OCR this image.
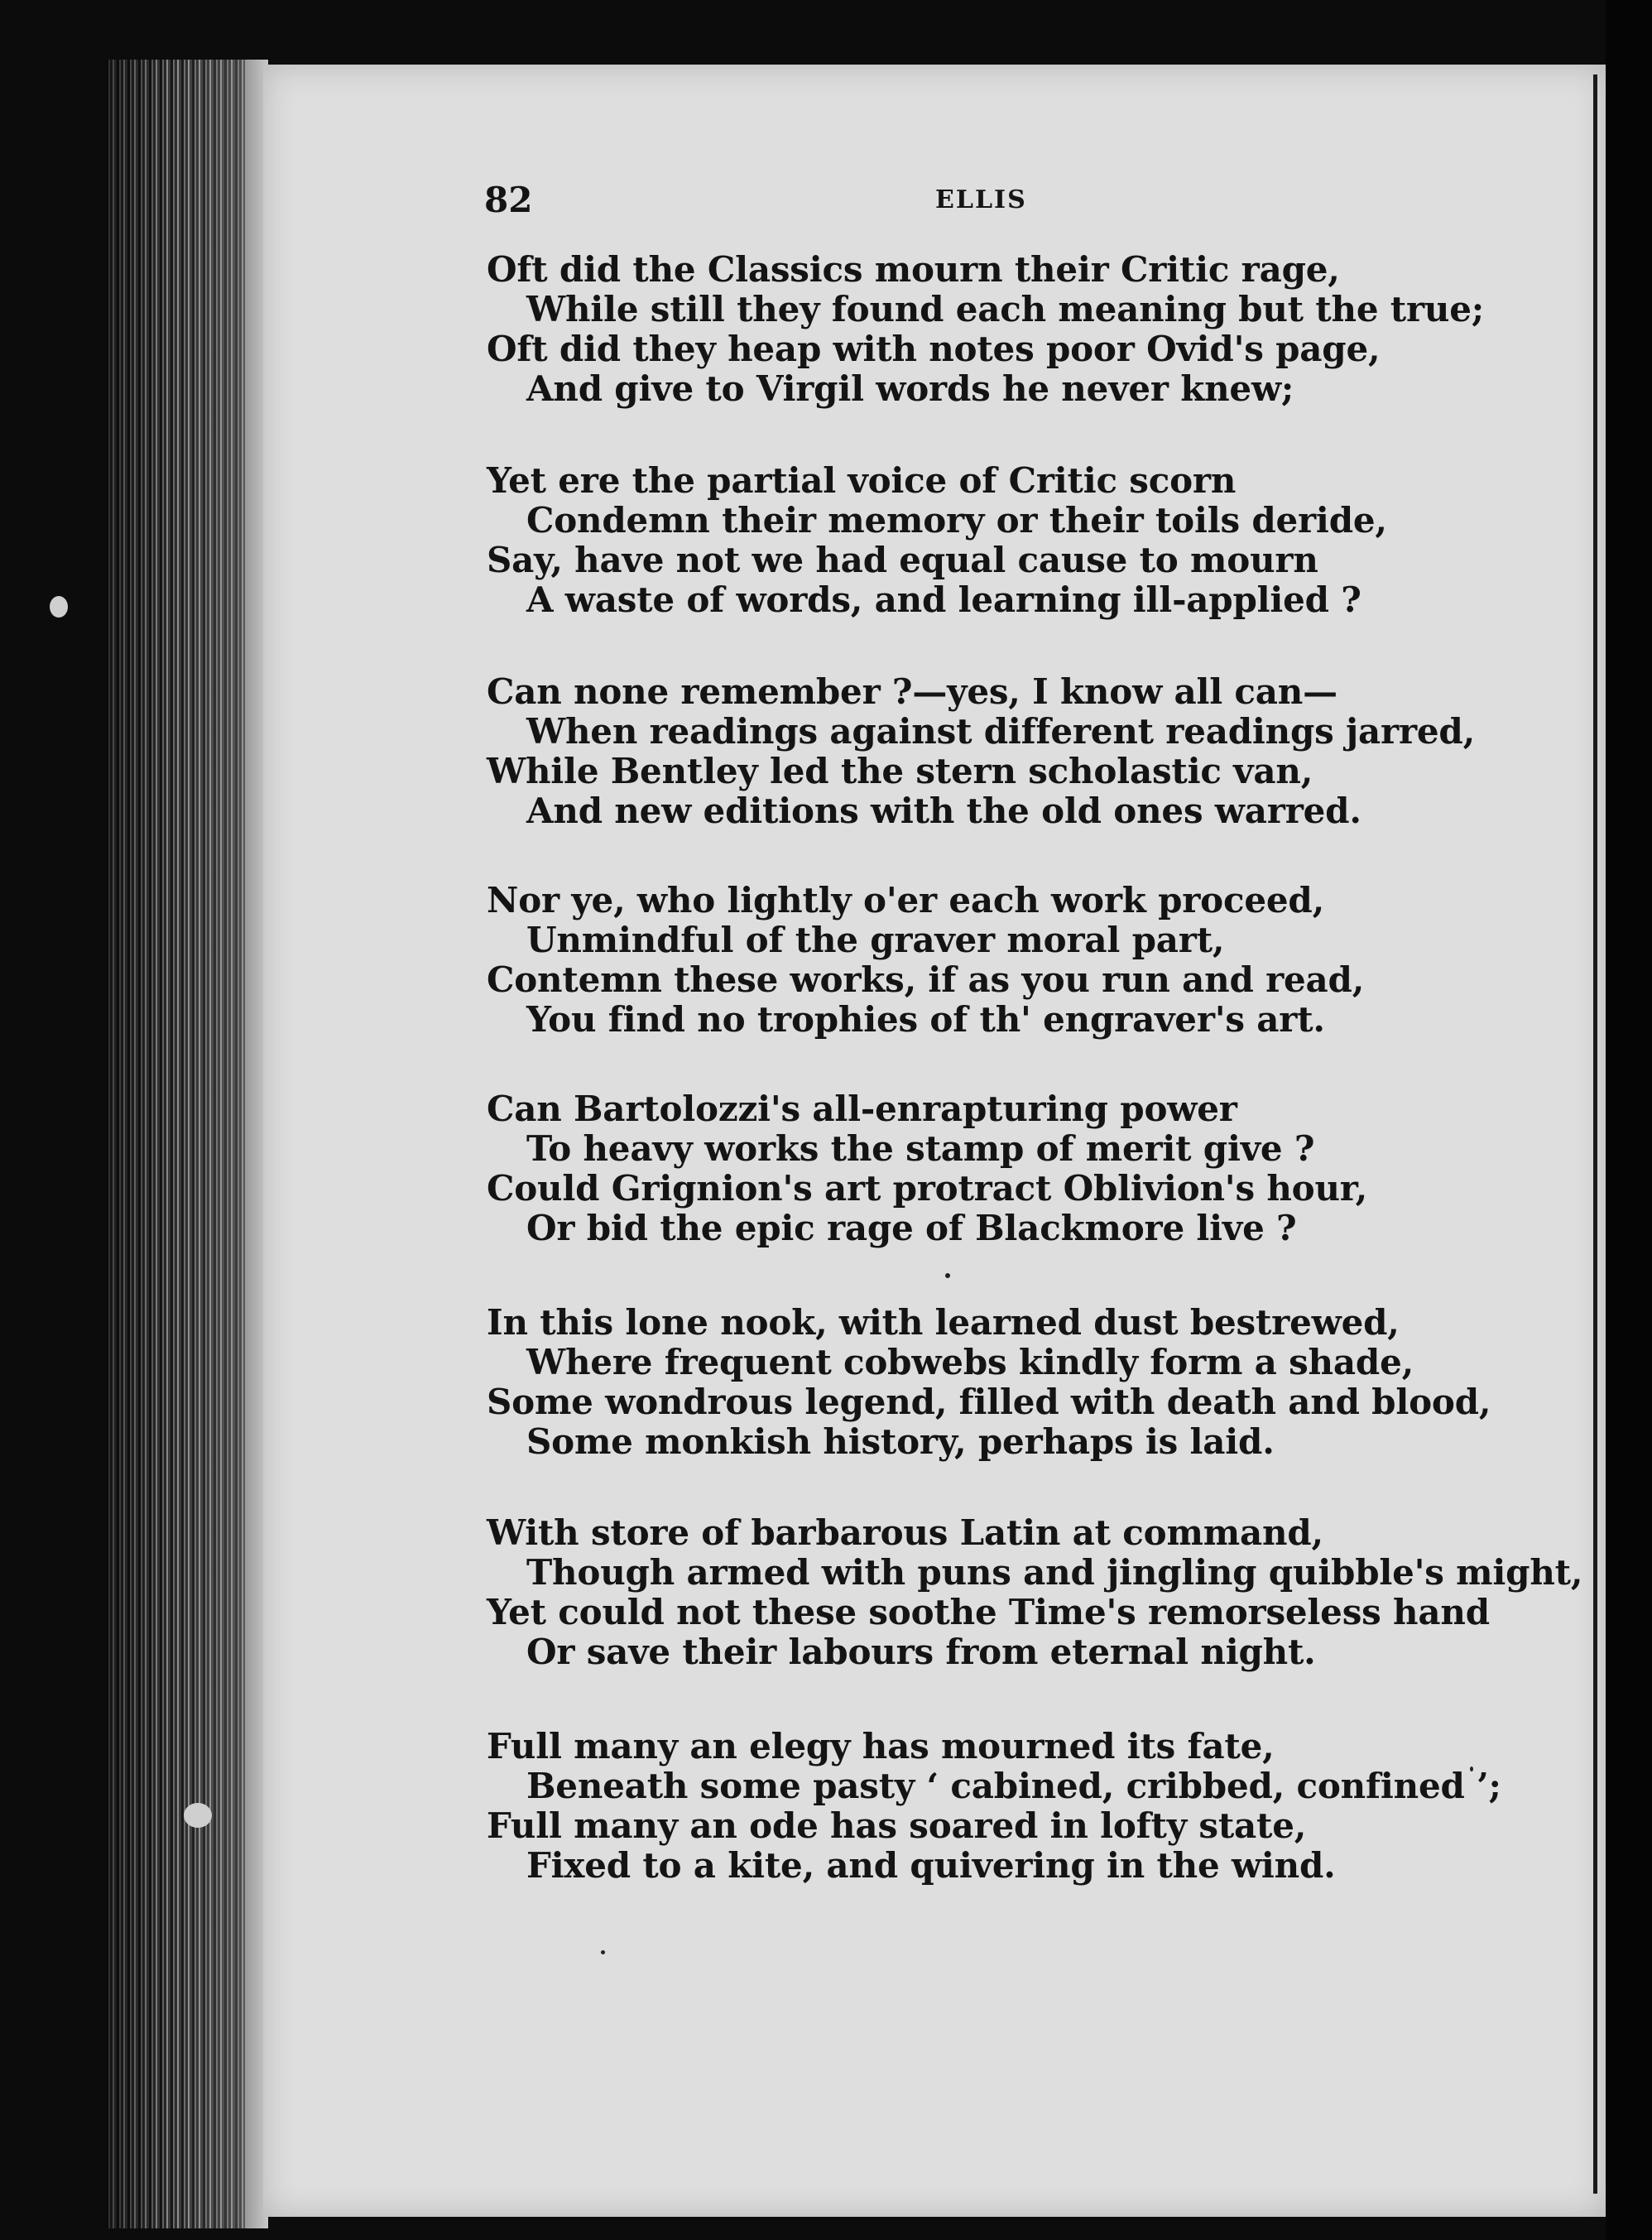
82	ELLIS
Oft did the Classics mourn their Critic rage,
While still they found each meaning but the true;
Oft did they heap with notes poor Ovid's page,
And give to Virgil words he never knew;
Yet ere the partial voice of Critic scorn
Condemn their memory or their toils deride,
Say, have not we had equal cause to mourn
A waste of words, and learning ill-applied ?
Can none remember ?—yes, I know all can—
When readings against different readings jarred,
While Bentley led the stern scholastic van,
And new editions with the old ones warred.
Nor ye, who lightly o'er each work proceed,
Unmindful of the graver moral part,
Contemn these works, if as you run and read,
You find no trophies of th' engraver's art.
Can Bartolozzi's all-enrapturing power
To heavy works the stamp of merit give ?
Could Grignion's art protract Oblivion's hour,
Or bid the epic rage of Blackmore live ?
In this lone nook, with learned dust bestrewed,
Where frequent cobwebs kindly form a shade,
Some wondrous legend, filled with death and blood,
Some monkish history, perhaps is laid.
With store of barbarous Latin at command,
Though armed with puns and jingling quibble's might,
Yet could not these soothe Time's remorseless hand
Or save their labours from eternal night.
Full many an elegy has mourned its fate,
Beneath some pasty ‘ cabined, cribbed, confined ’;
Full many an ode has soared in lofty state,
Fixed to a kite, and quivering in the wind.
